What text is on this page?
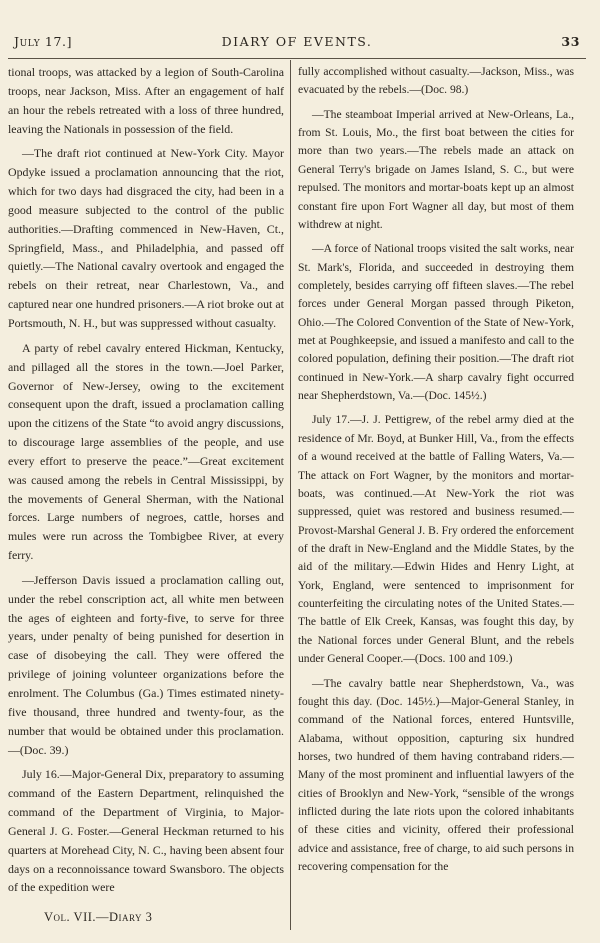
July 17.]	DIARY OF EVENTS.	33

tional troops, was attacked by a legion of South-Carolina troops, near Jackson, Miss. After an engagement of half an hour the rebels retreated with a loss of three hundred, leaving the Nationals in possession of the field.

—The draft riot continued at New-York City. Mayor Opdyke issued a proclamation announcing that the riot, which for two days had disgraced the city, had been in a good measure subjected to the control of the public authorities.—Drafting commenced in New-Haven, Ct., Springfield, Mass., and Philadelphia, and passed off quietly.—The National cavalry overtook and engaged the rebels on their retreat, near Charlestown, Va., and captured near one hundred prisoners.—A riot broke out at Portsmouth, N. H., but was suppressed without casualty.

A party of rebel cavalry entered Hickman, Kentucky, and pillaged all the stores in the town.—Joel Parker, Governor of New-Jersey, owing to the excitement consequent upon the draft, issued a proclamation calling upon the citizens of the State “to avoid angry discussions, to discourage large assemblies of the people, and use every effort to preserve the peace.”—Great excitement was caused among the rebels in Central Mississippi, by the movements of General Sherman, with the National forces. Large numbers of negroes, cattle, horses and mules were run across the Tombigbee River, at every ferry.

—Jefferson Davis issued a proclamation calling out, under the rebel conscription act, all white men between the ages of eighteen and forty-five, to serve for three years, under penalty of being punished for desertion in case of disobeying the call. They were offered the privilege of joining volunteer organizations before the enrolment. The Columbus (Ga.) Times estimated ninety-five thousand, three hundred and twenty-four, as the number that would be obtained under this proclamation.—(Doc. 39.)

July 16.—Major-General Dix, preparatory to assuming command of the Eastern Department, relinquished the command of the Department of Virginia, to Major-General J. G. Foster.—General Heckman returned to his quarters at Morehead City, N. C., having been absent four days on a reconnoissance toward Swansboro. The objects of the expedition were

fully accomplished without casualty.—Jackson, Miss., was evacuated by the rebels.—(Doc. 98.)

—The steamboat Imperial arrived at New-Orleans, La., from St. Louis, Mo., the first boat between the cities for more than two years.—The rebels made an attack on General Terry's brigade on James Island, S. C., but were repulsed. The monitors and mortar-boats kept up an almost constant fire upon Fort Wagner all day, but most of them withdrew at night.

—A force of National troops visited the salt works, near St. Mark's, Florida, and succeeded in destroying them completely, besides carrying off fifteen slaves.—The rebel forces under General Morgan passed through Piketon, Ohio.—The Colored Convention of the State of New-York, met at Poughkeepsie, and issued a manifesto and call to the colored population, defining their position.—The draft riot continued in New-York.—A sharp cavalry fight occurred near Shepherdstown, Va.—(Doc. 145½.)

July 17.—J. J. Pettigrew, of the rebel army died at the residence of Mr. Boyd, at Bunker Hill, Va., from the effects of a wound received at the battle of Falling Waters, Va.—The attack on Fort Wagner, by the monitors and mortar-boats, was continued.—At New-York the riot was suppressed, quiet was restored and business resumed.—Provost-Marshal General J. B. Fry ordered the enforcement of the draft in New-England and the Middle States, by the aid of the military.—Edwin Hides and Henry Light, at York, England, were sentenced to imprisonment for counterfeiting the circulating notes of the United States.—The battle of Elk Creek, Kansas, was fought this day, by the National forces under General Blunt, and the rebels under General Cooper.—(Docs. 100 and 109.)

—The cavalry battle near Shepherdstown, Va., was fought this day. (Doc. 145½.)—Major-General Stanley, in command of the National forces, entered Huntsville, Alabama, without opposition, capturing six hundred horses, two hundred of them having contraband riders.—Many of the most prominent and influential lawyers of the cities of Brooklyn and New-York, “sensible of the wrongs inflicted during the late riots upon the colored inhabitants of these cities and vicinity, offered their professional advice and assistance, free of charge, to aid such persons in recovering compensation for the

Vol. VII.—Diary 3
